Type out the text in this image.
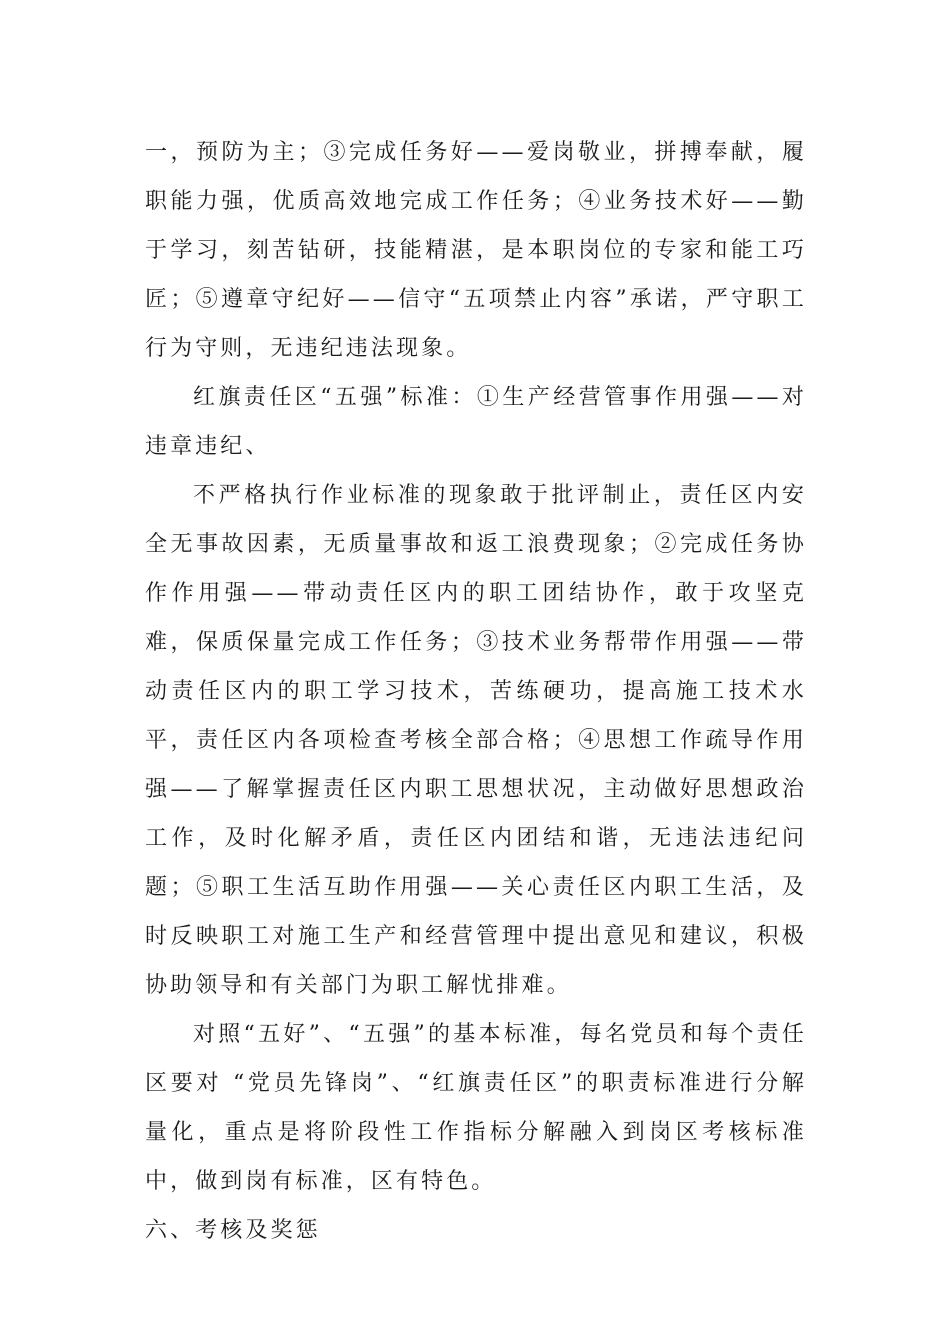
一，预防为主；③完成任务好——爱岗敬业，拼搏奉献，履职能力强，优质高效地完成工作任务；④业务技术好——勤于学习，刻苦钻研，技能精湛，是本职岗位的专家和能工巧匠；⑤遵章守纪好——信守“五项禁止内容”承诺，严守职工行为守则，无违纪违法现象。

红旗责任区“五强”标准：①生产经营管事作用强——对违章违纪、

不严格执行作业标准的现象敢于批评制止，责任区内安全无事故因素，无质量事故和返工浪费现象；②完成任务协作作用强——带动责任区内的职工团结协作，敢于攻坚克难，保质保量完成工作任务；③技术业务帮带作用强——带动责任区内的职工学习技术，苦练硬功，提高施工技术水平，责任区内各项检查考核全部合格；④思想工作疏导作用强——了解掌握责任区内职工思想状况，主动做好思想政治工作，及时化解矛盾，责任区内团结和谐，无违法违纪问题；⑤职工生活互助作用强——关心责任区内职工生活，及时反映职工对施工生产和经营管理中提出意见和建议，积极协助领导和有关部门为职工解忧排难。

对照“五好”、“五强”的基本标准，每名党员和每个责任区要对 “党员先锋岗”、“红旗责任区”的职责标准进行分解量化，重点是将阶段性工作指标分解融入到岗区考核标准中，做到岗有标准，区有特色。

六、考核及奖惩
